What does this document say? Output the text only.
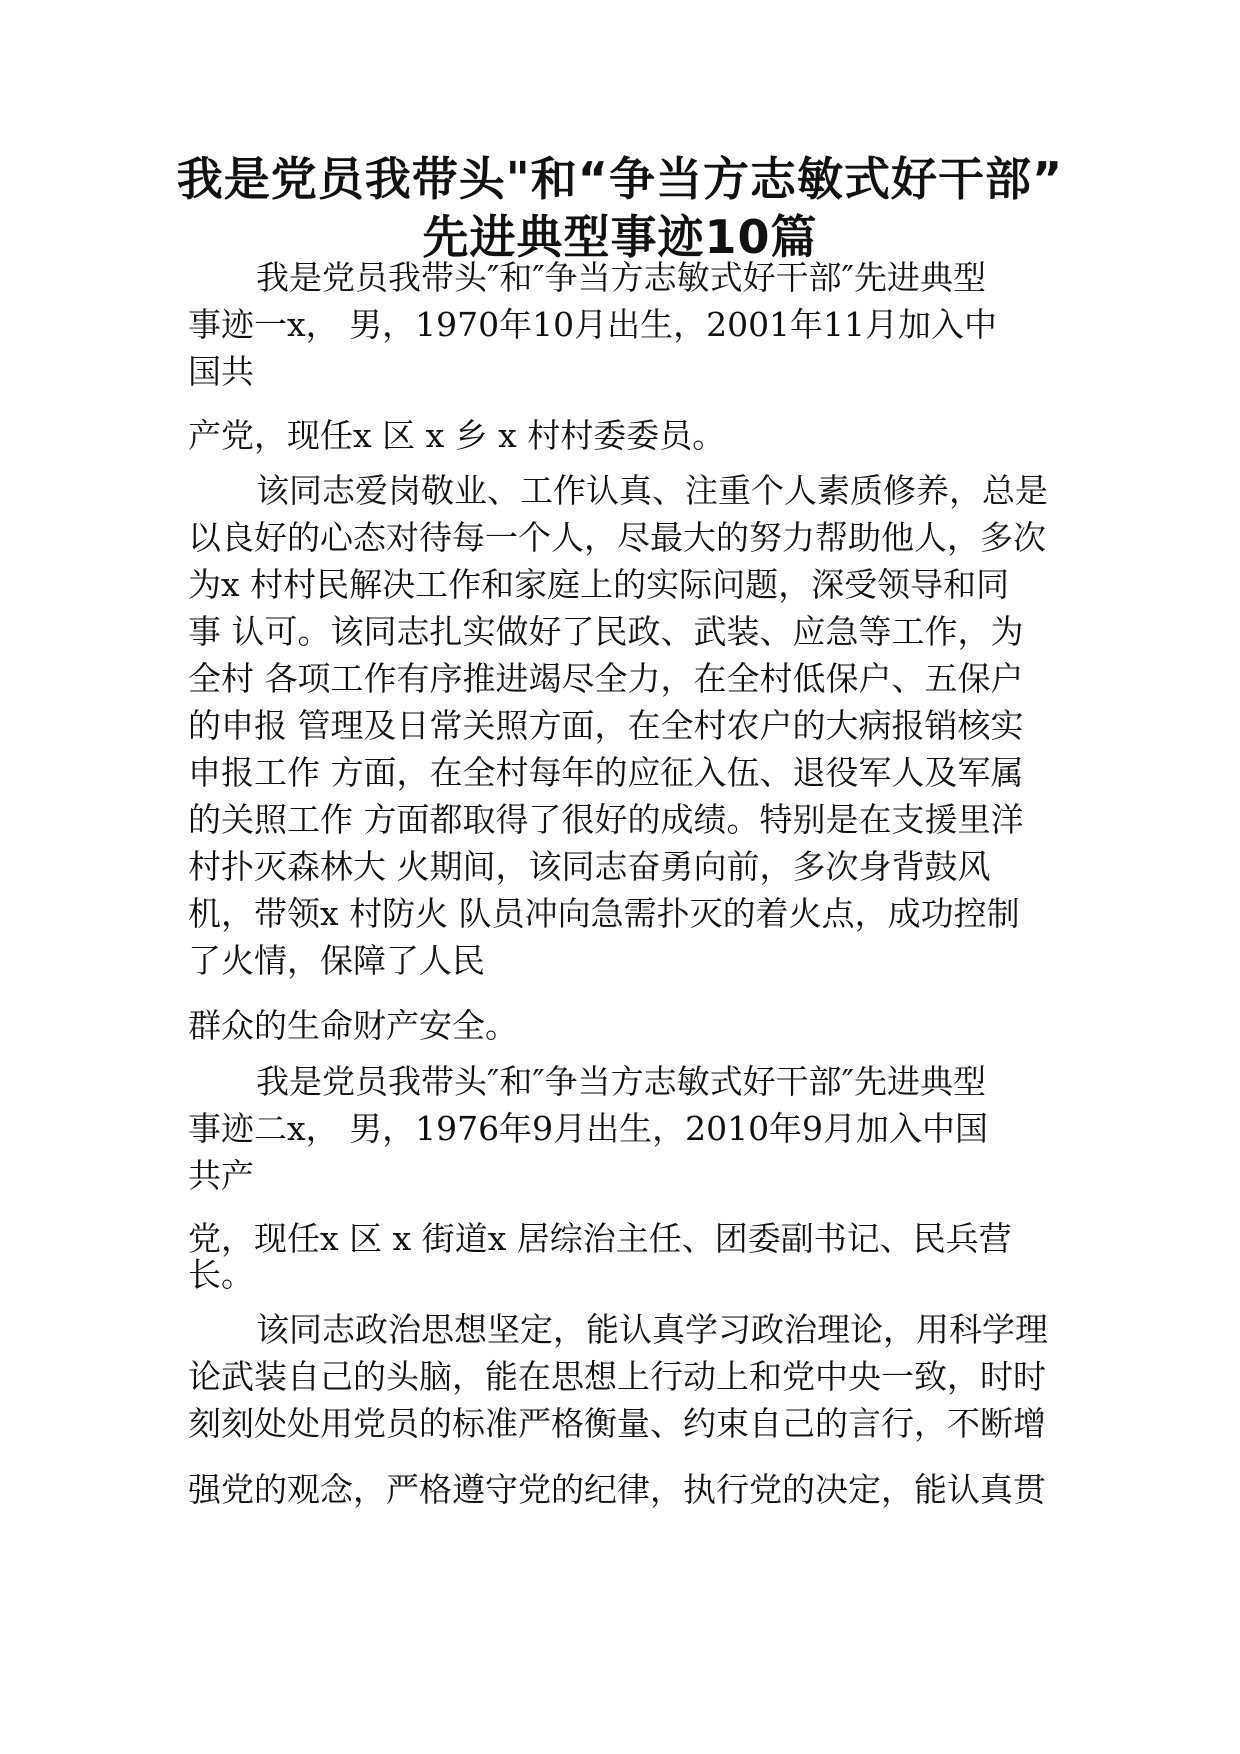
我是党员我带头"和“争当方志敏式好干部”
先进典型事迹10篇

我是党员我带头″和″争当方志敏式好干部″先进典型

事迹一x， 男，1970年10月出生，2001年11月加入中

国共

产党，现任x 区 x 乡 x 村村委委员。

该同志爱岗敬业、工作认真、注重个人素质修养，总是

以良好的心态对待每一个人，尽最大的努力帮助他人，多次

为x 村村民解决工作和家庭上的实际问题，深受领导和同

事 认可。该同志扎实做好了民政、武装、应急等工作，为

全村 各项工作有序推进竭尽全力，在全村低保户、五保户

的申报 管理及日常关照方面，在全村农户的大病报销核实

申报工作 方面，在全村每年的应征入伍、退役军人及军属

的关照工作 方面都取得了很好的成绩。特别是在支援里洋

村扑灭森林大 火期间，该同志奋勇向前，多次身背鼓风

机，带领x 村防火 队员冲向急需扑灭的着火点，成功控制

了火情，保障了人民

群众的生命财产安全。

我是党员我带头″和″争当方志敏式好干部″先进典型

事迹二x， 男，1976年9月出生，2010年9月加入中国

共产

党，现任x 区 x 街道x 居综治主任、团委副书记、民兵营

长。

该同志政治思想坚定，能认真学习政治理论，用科学理

论武装自己的头脑，能在思想上行动上和党中央一致，时时

刻刻处处用党员的标准严格衡量、约束自己的言行，不断增

强党的观念，严格遵守党的纪律，执行党的决定，能认真贯
